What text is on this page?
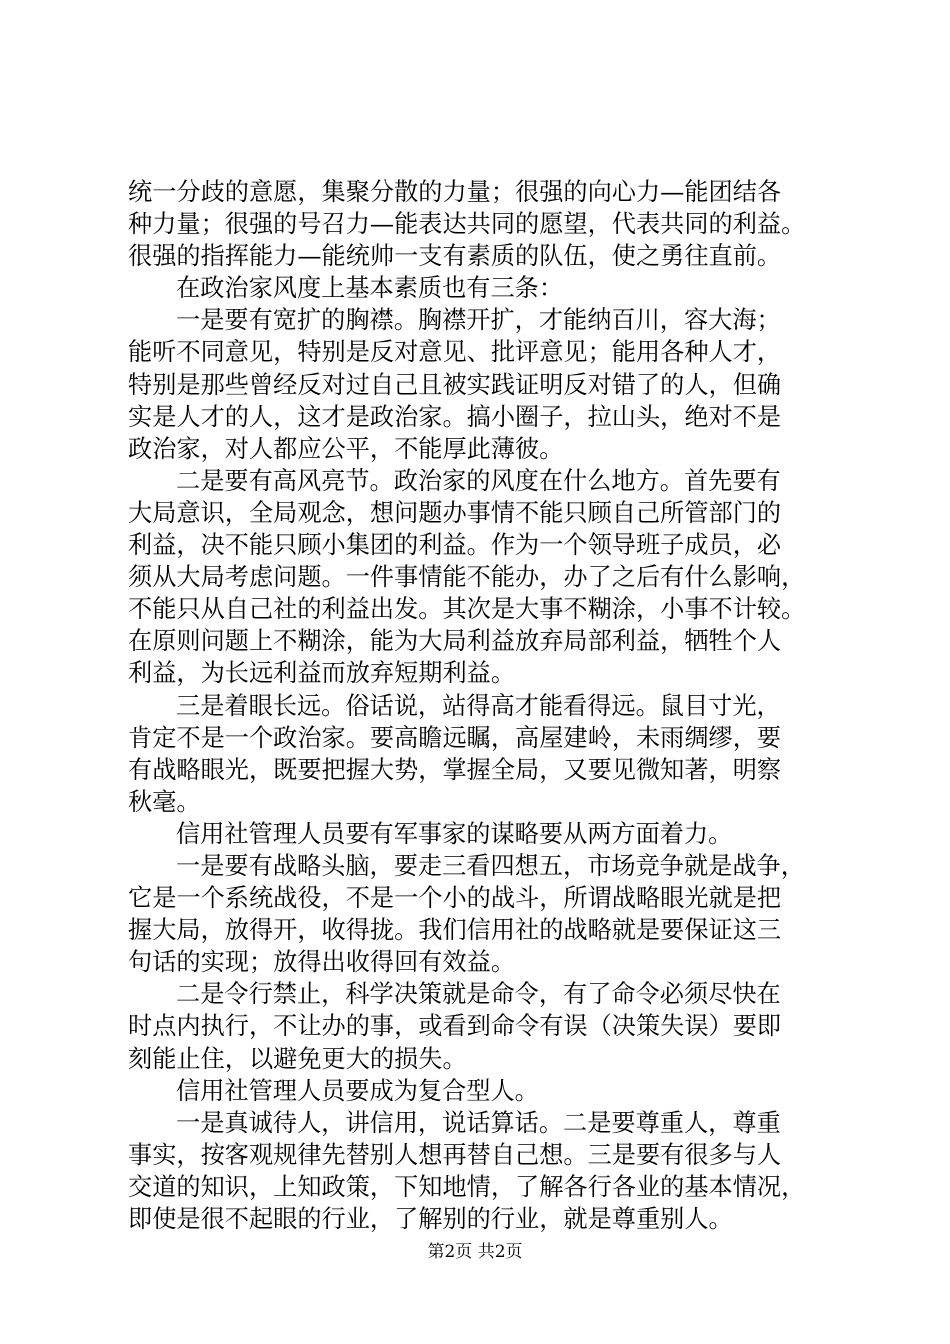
统一分歧的意愿，集聚分散的力量；很强的向心力—能团结各
种力量；很强的号召力—能表达共同的愿望，代表共同的利益。
很强的指挥能力—能统帅一支有素质的队伍，使之勇往直前。
在政治家风度上基本素质也有三条：
一是要有宽扩的胸襟。胸襟开扩，才能纳百川，容大海；
能听不同意见，特别是反对意见、批评意见；能用各种人才，
特别是那些曾经反对过自己且被实践证明反对错了的人，但确
实是人才的人，这才是政治家。搞小圈子，拉山头，绝对不是
政治家，对人都应公平，不能厚此薄彼。
二是要有高风亮节。政治家的风度在什么地方。首先要有
大局意识，全局观念，想问题办事情不能只顾自己所管部门的
利益，决不能只顾小集团的利益。作为一个领导班子成员，必
须从大局考虑问题。一件事情能不能办，办了之后有什么影响，
不能只从自己社的利益出发。其次是大事不糊涂，小事不计较。
在原则问题上不糊涂，能为大局利益放弃局部利益，牺牲个人
利益，为长远利益而放弃短期利益。
三是着眼长远。俗话说，站得高才能看得远。鼠目寸光，
肯定不是一个政治家。要高瞻远瞩，高屋建岭，未雨绸缪，要
有战略眼光，既要把握大势，掌握全局，又要见微知著，明察
秋毫。
信用社管理人员要有军事家的谋略要从两方面着力。
一是要有战略头脑，要走三看四想五，市场竞争就是战争，
它是一个系统战役，不是一个小的战斗，所谓战略眼光就是把
握大局，放得开，收得拢。我们信用社的战略就是要保证这三
句话的实现；放得出收得回有效益。
二是令行禁止，科学决策就是命令，有了命令必须尽快在
时点内执行，不让办的事，或看到命令有误（决策失误）要即
刻能止住，以避免更大的损失。
信用社管理人员要成为复合型人。
一是真诚待人，讲信用，说话算话。二是要尊重人，尊重
事实，按客观规律先替别人想再替自己想。三是要有很多与人
交道的知识，上知政策，下知地情，了解各行各业的基本情况，
即使是很不起眼的行业，了解别的行业，就是尊重别人。
第2页 共2页
